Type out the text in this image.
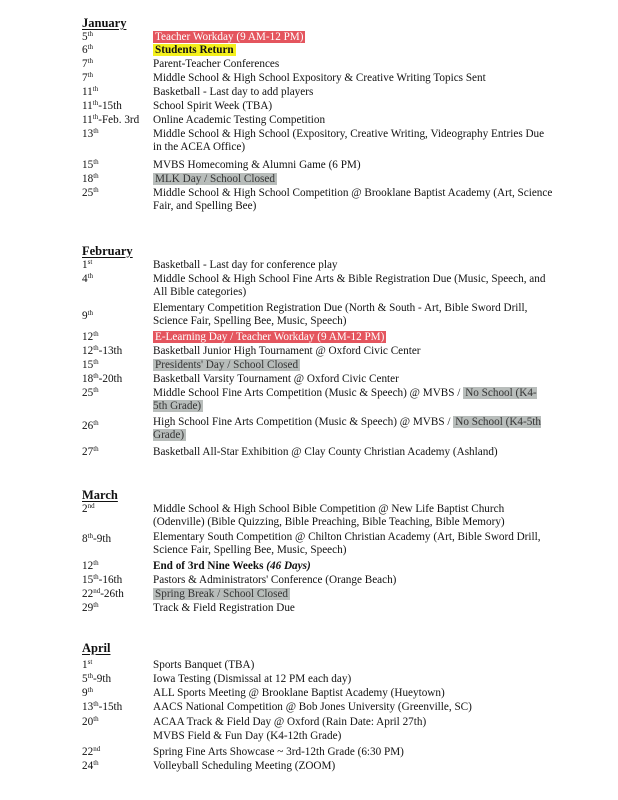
January
5th	Teacher Workday (9 AM-12 PM)
6th	Students Return
7th	Parent-Teacher Conferences
7th	Middle School & High School Expository & Creative Writing Topics Sent
11th	Basketball - Last day to add players
11th-15th	School Spirit Week (TBA)
11th-Feb. 3rd Online Academic Testing Competition
13th	Middle School & High School (Expository, Creative Writing, Videography Entries Due in the ACEA Office)
15th	MVBS Homecoming & Alumni Game (6 PM)
18th	MLK Day / School Closed
25th	Middle School & High School Competition @ Brooklane Baptist Academy (Art, Science Fair, and Spelling Bee)
February
1st	Basketball - Last day for conference play
4th	Middle School & High School Fine Arts & Bible Registration Due (Music, Speech, and All Bible categories)
9th	Elementary Competition Registration Due (North & South - Art, Bible Sword Drill, Science Fair, Spelling Bee, Music, Speech)
12th	E-Learning Day / Teacher Workday (9 AM-12 PM)
12th-13th	Basketball Junior High Tournament @ Oxford Civic Center
15th	Presidents' Day / School Closed
18th-20th	Basketball Varsity Tournament @ Oxford Civic Center
25th	Middle School Fine Arts Competition (Music & Speech) @ MVBS / No School (K4- 5th Grade)
26th	High School Fine Arts Competition (Music & Speech) @ MVBS / No School (K4-5th Grade)
27th	Basketball All-Star Exhibition @ Clay County Christian Academy (Ashland)
March
2nd	Middle School & High School Bible Competition @ New Life Baptist Church (Odenville) (Bible Quizzing, Bible Preaching, Bible Teaching, Bible Memory)
8th-9th	Elementary South Competition @ Chilton Christian Academy (Art, Bible Sword Drill, Science Fair, Spelling Bee, Music, Speech)
12th	End of 3rd Nine Weeks (46 Days)
15th-16th	Pastors & Administrators' Conference (Orange Beach)
22nd-26th	Spring Break / School Closed
29th	Track & Field Registration Due
April
1st	Sports Banquet (TBA)
5th-9th	Iowa Testing (Dismissal at 12 PM each day)
9th	ALL Sports Meeting @ Brooklane Baptist Academy (Hueytown)
13th-15th	AACS National Competition @ Bob Jones University (Greenville, SC)
20th	ACAA Track & Field Day @ Oxford (Rain Date: April 27th)
MVBS Field & Fun Day (K4-12th Grade)
22nd	Spring Fine Arts Showcase ~ 3rd-12th Grade (6:30 PM)
24th	Volleyball Scheduling Meeting (ZOOM)
